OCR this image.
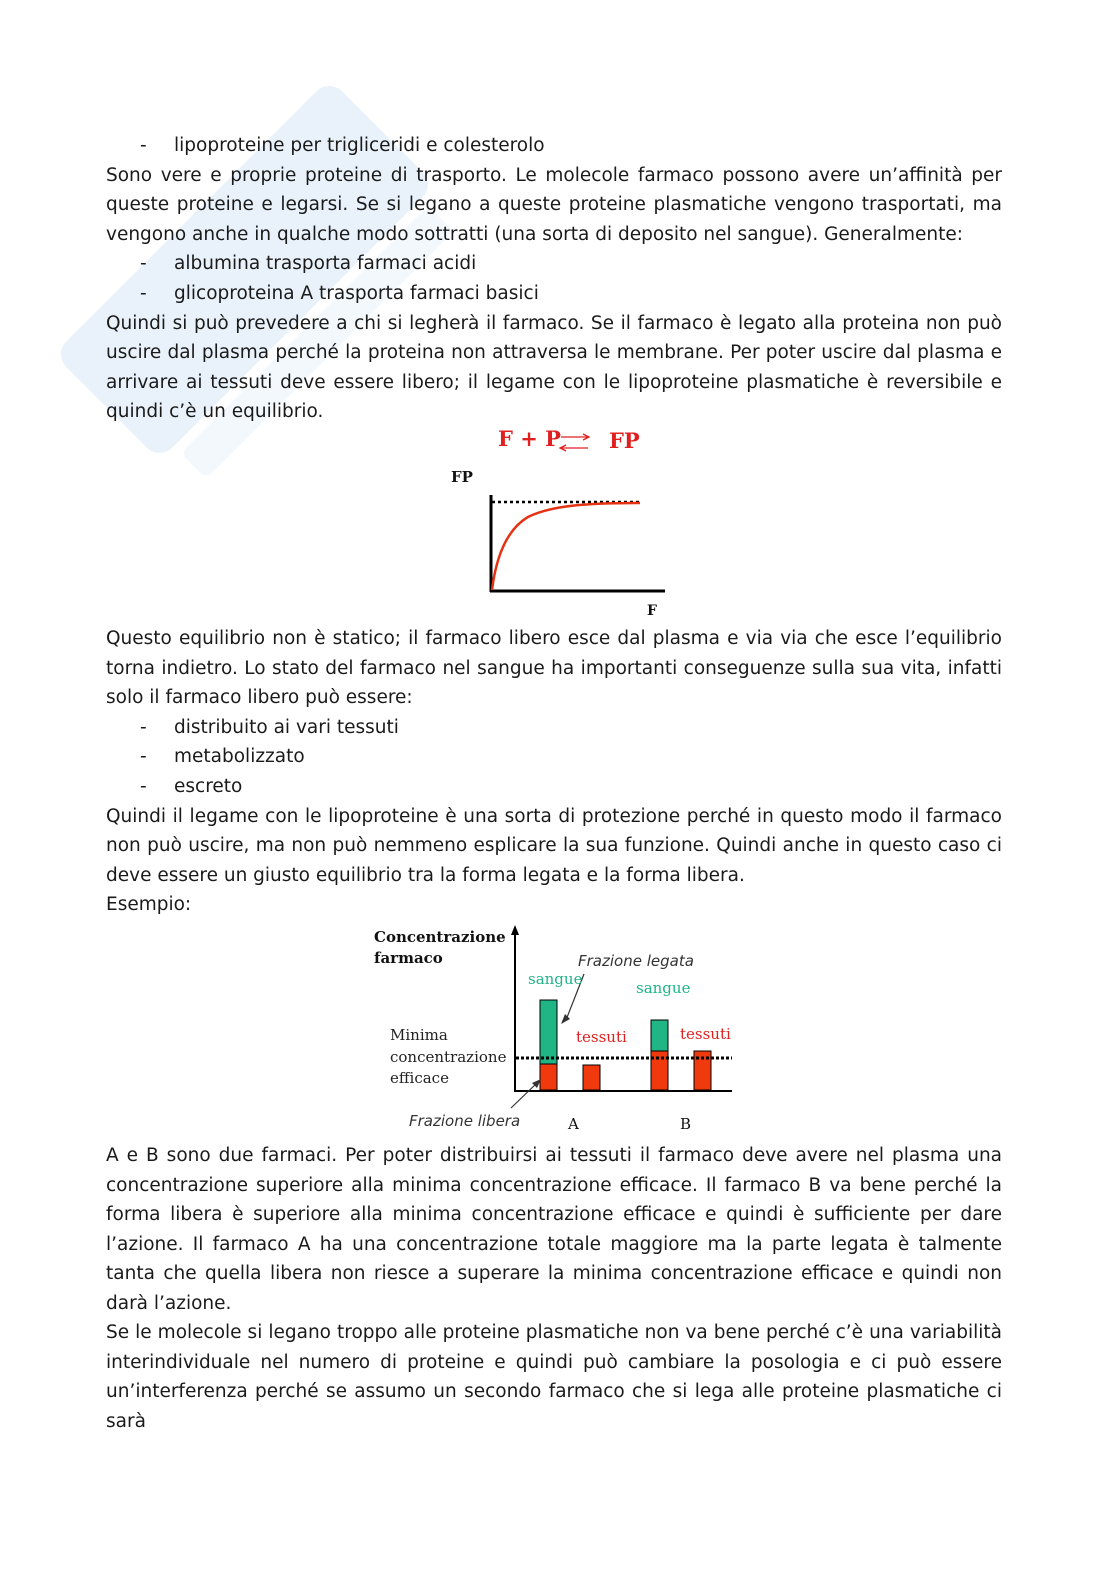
- lipoproteine per trigliceridi e colesterolo

Sono vere e proprie proteine di trasporto. Le molecole farmaco possono avere un’affinità per queste proteine e legarsi. Se si legano a queste proteine plasmatiche vengono trasportati, ma vengono anche in qualche modo sottratti (una sorta di deposito nel sangue). Generalmente:

- albumina trasporta farmaci acidi
- glicoproteina A trasporta farmaci basici

Quindi si può prevedere a chi si legherà il farmaco. Se il farmaco è legato alla proteina non può uscire dal plasma perché la proteina non attraversa le membrane. Per poter uscire dal plasma e arrivare ai tessuti deve essere libero; il legame con le lipoproteine plasmatiche è reversibile e quindi c’è un equilibrio.

F + P FP
FP
F

Questo equilibrio non è statico; il farmaco libero esce dal plasma e via via che esce l’equilibrio torna indietro. Lo stato del farmaco nel sangue ha importanti conseguenze sulla sua vita, infatti solo il farmaco libero può essere:

- distribuito ai vari tessuti
- metabolizzato
- escreto

Quindi il legame con le lipoproteine è una sorta di protezione perché in questo modo il farmaco non può uscire, ma non può nemmeno esplicare la sua funzione. Quindi anche in questo caso ci deve essere un giusto equilibrio tra la forma legata e la forma libera.

Esempio:

Concentrazione
farmaco
Minima
concentrazione
efficace
Frazione legata
Frazione libera
sangue	sangue
tessuti	tessuti
A	B

A e B sono due farmaci. Per poter distribuirsi ai tessuti il farmaco deve avere nel plasma una concentrazione superiore alla minima concentrazione efficace. Il farmaco B va bene perché la forma libera è superiore alla minima concentrazione efficace e quindi è sufficiente per dare l’azione. Il farmaco A ha una concentrazione totale maggiore ma la parte legata è talmente tanta che quella libera non riesce a superare la minima concentrazione efficace e quindi non darà l’azione.

Se le molecole si legano troppo alle proteine plasmatiche non va bene perché c’è una variabilità interindividuale nel numero di proteine e quindi può cambiare la posologia e ci può essere un’interferenza perché se assumo un secondo farmaco che si lega alle proteine plasmatiche ci sarà
